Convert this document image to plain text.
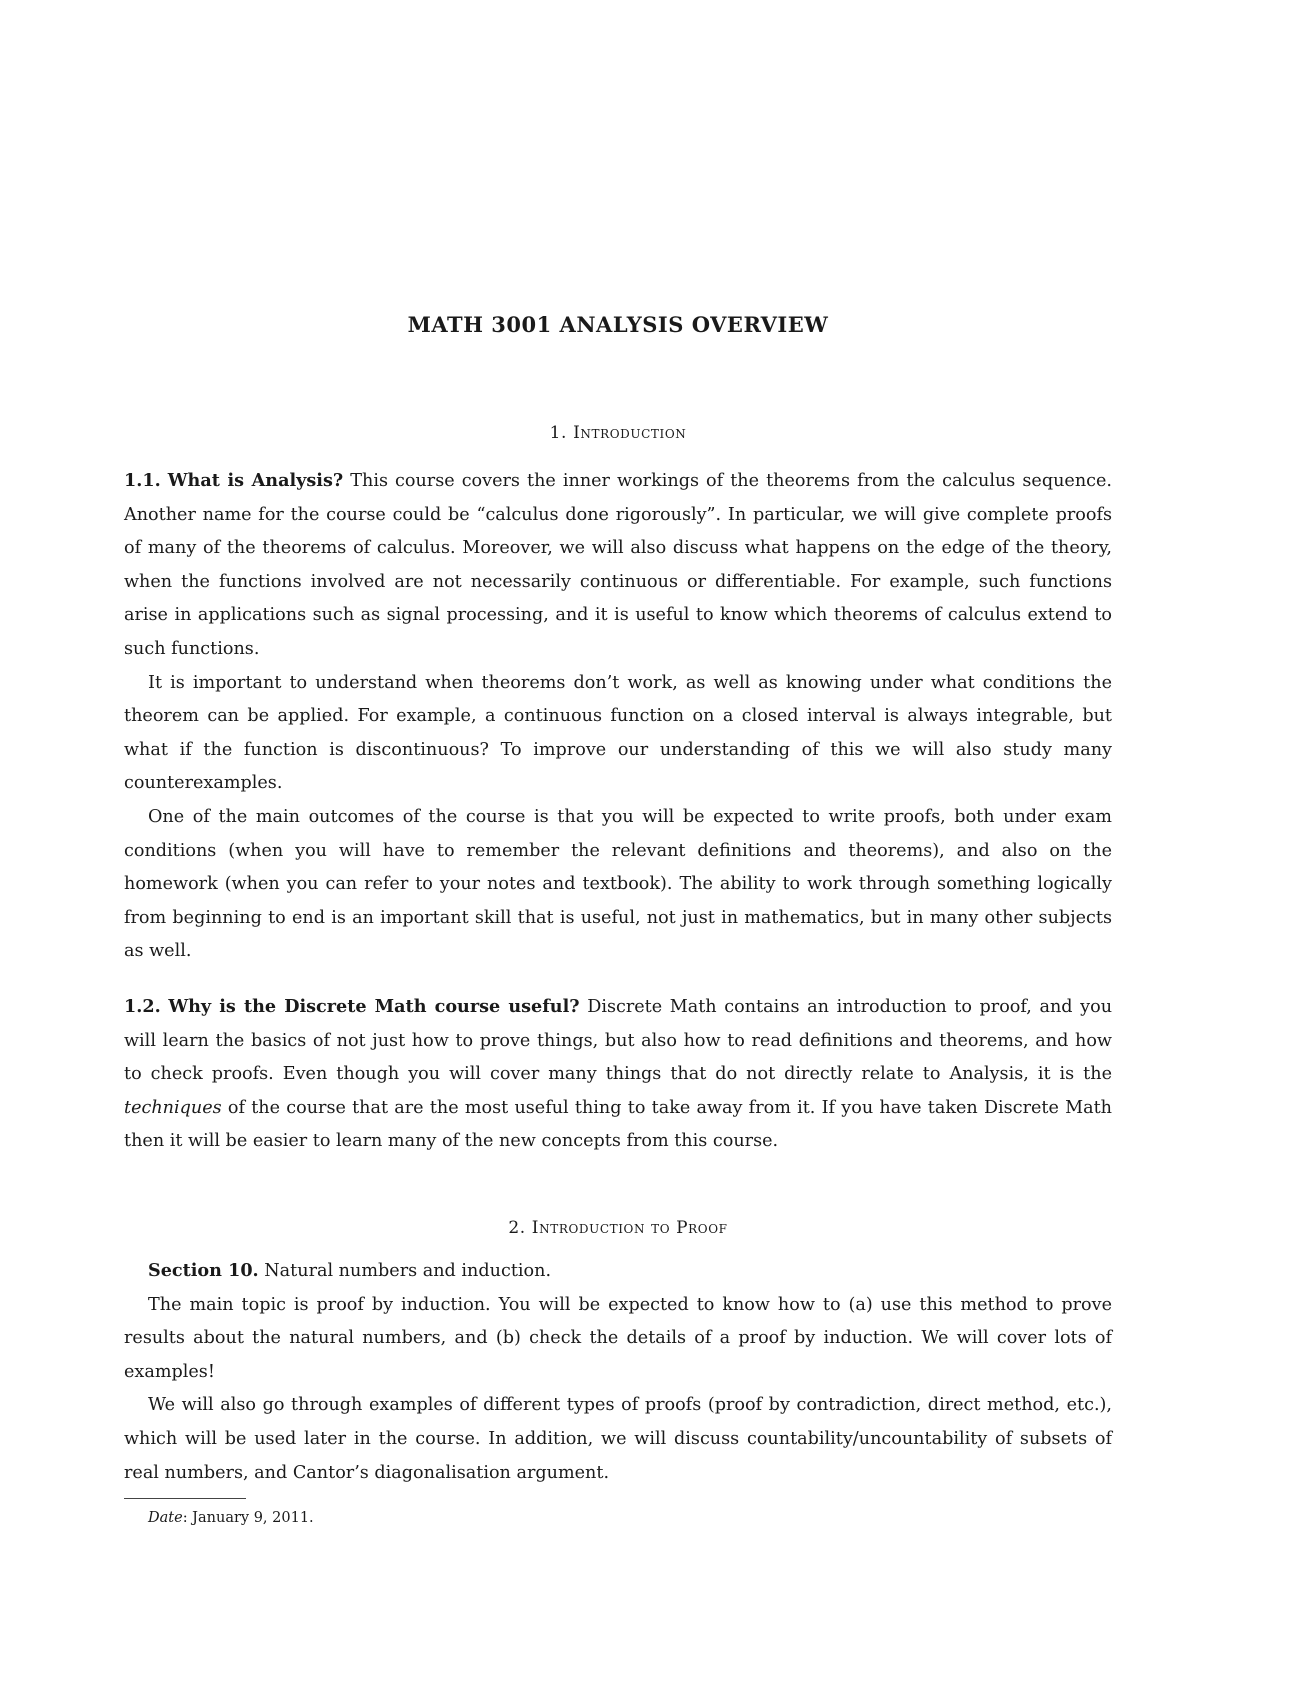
MATH 3001 ANALYSIS OVERVIEW

1. Introduction

1.1. What is Analysis? This course covers the inner workings of the theorems from the calculus sequence. Another name for the course could be “calculus done rigorously”. In particular, we will give complete proofs of many of the theorems of calculus. Moreover, we will also discuss what happens on the edge of the theory, when the functions involved are not necessarily continuous or differentiable. For example, such functions arise in applications such as signal processing, and it is useful to know which theorems of calculus extend to such functions.

It is important to understand when theorems don’t work, as well as knowing under what conditions the theorem can be applied. For example, a continuous function on a closed interval is always integrable, but what if the function is discontinuous? To improve our understanding of this we will also study many counterexamples.

One of the main outcomes of the course is that you will be expected to write proofs, both under exam conditions (when you will have to remember the relevant definitions and theorems), and also on the homework (when you can refer to your notes and textbook). The ability to work through something logically from beginning to end is an important skill that is useful, not just in mathematics, but in many other subjects as well.

1.2. Why is the Discrete Math course useful? Discrete Math contains an introduction to proof, and you will learn the basics of not just how to prove things, but also how to read definitions and theorems, and how to check proofs. Even though you will cover many things that do not directly relate to Analysis, it is the techniques of the course that are the most useful thing to take away from it. If you have taken Discrete Math then it will be easier to learn many of the new concepts from this course.

2. Introduction to Proof

Section 10. Natural numbers and induction.

The main topic is proof by induction. You will be expected to know how to (a) use this method to prove results about the natural numbers, and (b) check the details of a proof by induction. We will cover lots of examples!

We will also go through examples of different types of proofs (proof by contradiction, direct method, etc.), which will be used later in the course. In addition, we will discuss countability/uncountability of subsets of real numbers, and Cantor’s diagonalisation argument.

Date: January 9, 2011.
